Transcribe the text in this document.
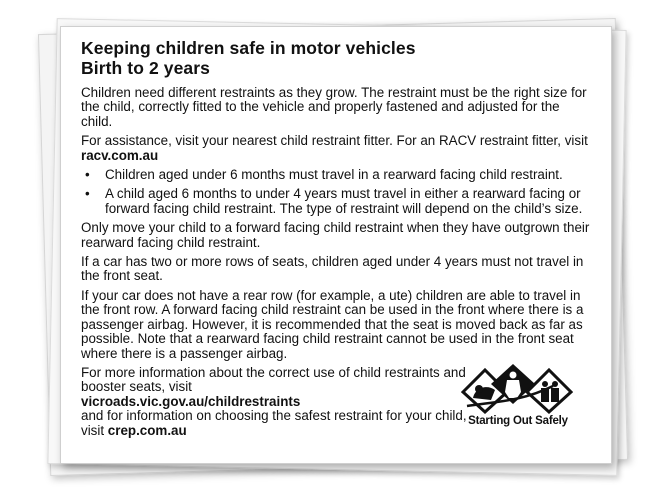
Keeping children safe in motor vehicles
Birth to 2 years

Children need different restraints as they grow. The restraint must be the right size for the child, correctly fitted to the vehicle and properly fastened and adjusted for the child.

For assistance, visit your nearest child restraint fitter. For an RACV restraint fitter, visit racv.com.au

• Children aged under 6 months must travel in a rearward facing child restraint.
• A child aged 6 months to under 4 years must travel in either a rearward facing or forward facing child restraint. The type of restraint will depend on the child’s size.

Only move your child to a forward facing child restraint when they have outgrown their rearward facing child restraint.

If a car has two or more rows of seats, children aged under 4 years must not travel in the front seat.

If your car does not have a rear row (for example, a ute) children are able to travel in the front row. A forward facing child restraint can be used in the front where there is a passenger airbag. However, it is recommended that the seat is moved back as far as possible. Note that a rearward facing child restraint cannot be used in the front seat where there is a passenger airbag.

For more information about the correct use of child restraints and booster seats, visit
vicroads.vic.gov.au/childrestraints
and for information on choosing the safest restraint for your child, visit crep.com.au

Starting Out Safely
